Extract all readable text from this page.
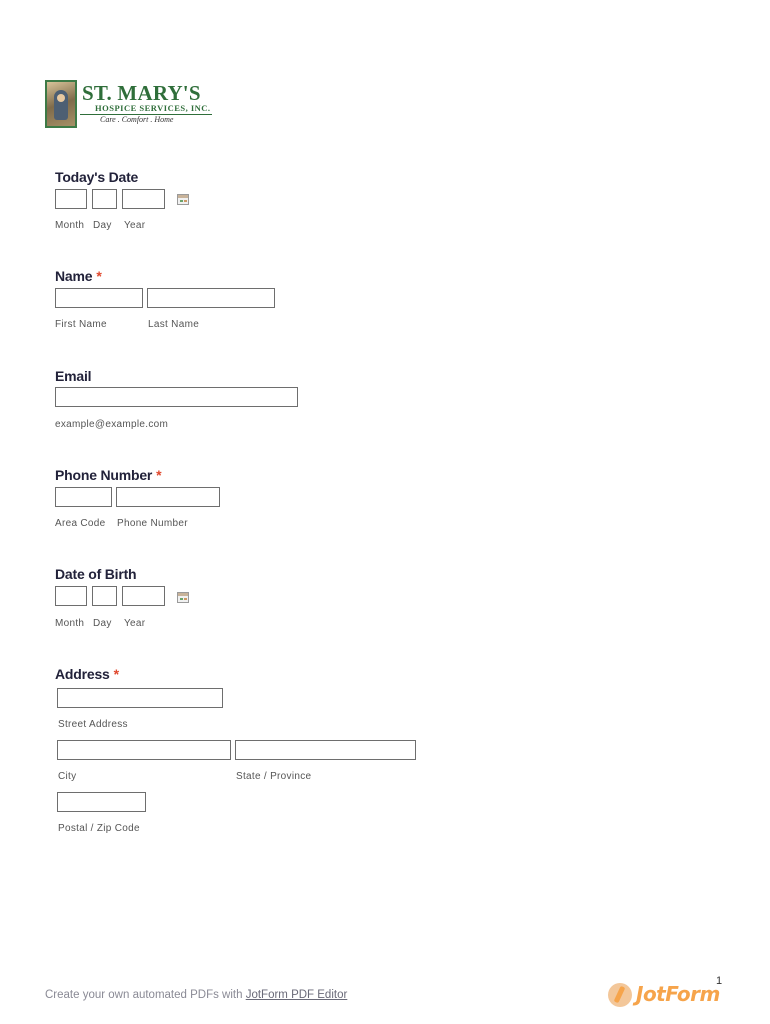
ST. MARY'S
HOSPICE SERVICES, INC.
Care . Comfort . Home
Today's Date
Month Day Year
Name *
First Name	Last Name
Email
example@example.com
Phone Number *
Area Code Phone Number
Date of Birth
Month Day Year
Address *
Street Address
City	State / Province
Postal / Zip Code
Create your own automated PDFs with JotForm PDF Editor
1
JotForm
